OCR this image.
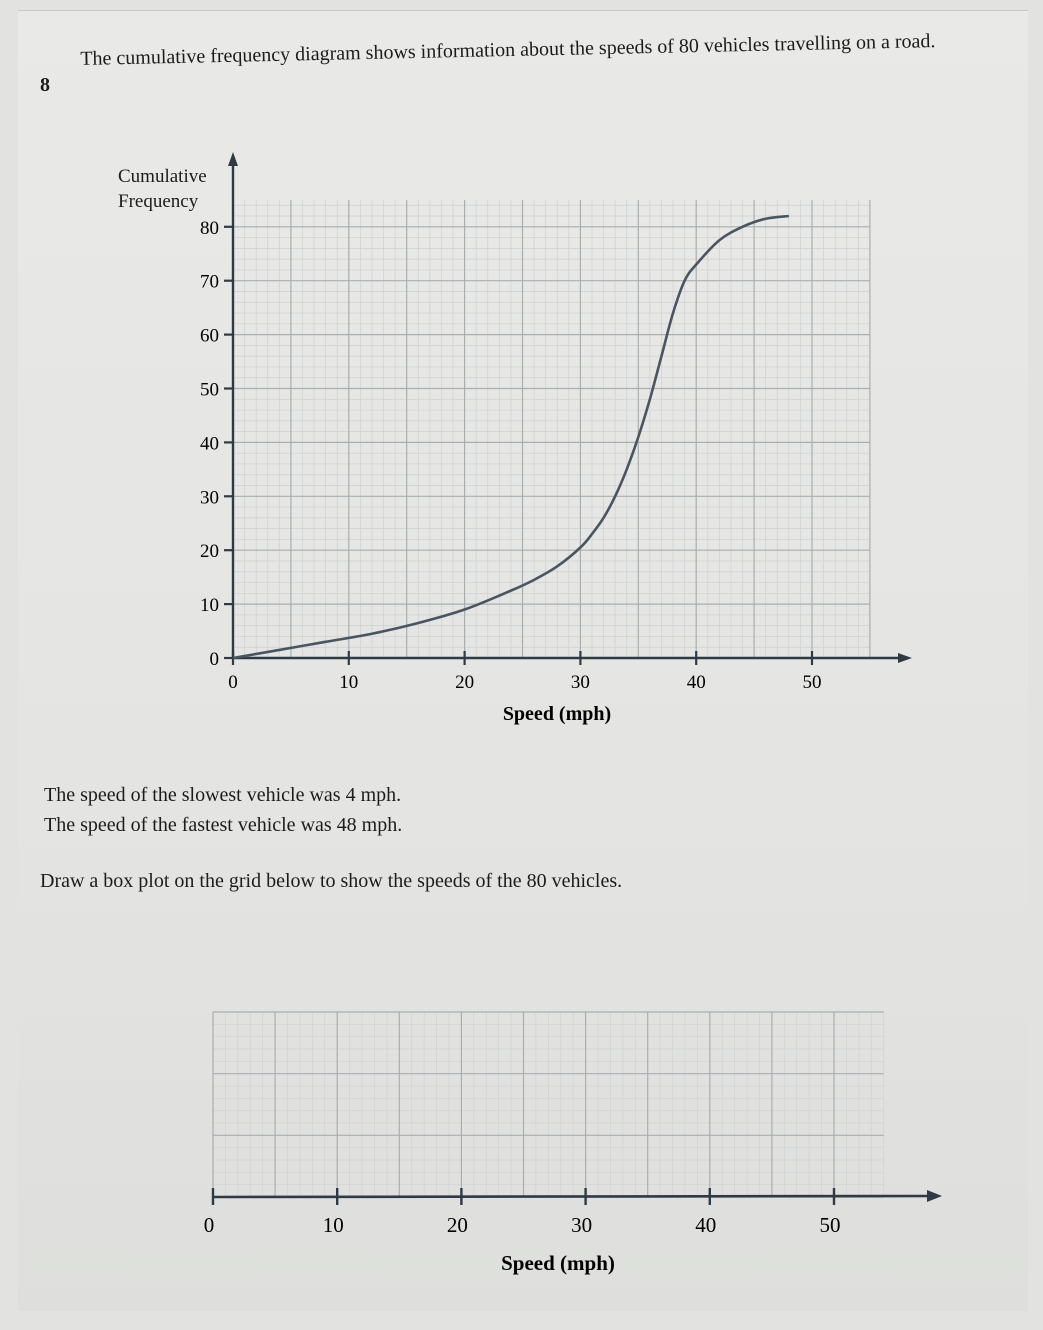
8
The cumulative frequency diagram shows information about the speeds of 80 vehicles travelling on a road.
Cumulative
Frequency
0	10	20	30	40	50
0
10
20
30
40
50
60
70
80
Speed (mph)
The speed of the slowest vehicle was 4 mph.
The speed of the fastest vehicle was 48 mph.
Draw a box plot on the grid below to show the speeds of the 80 vehicles.
0	10	20	30	40	50
Speed (mph)
